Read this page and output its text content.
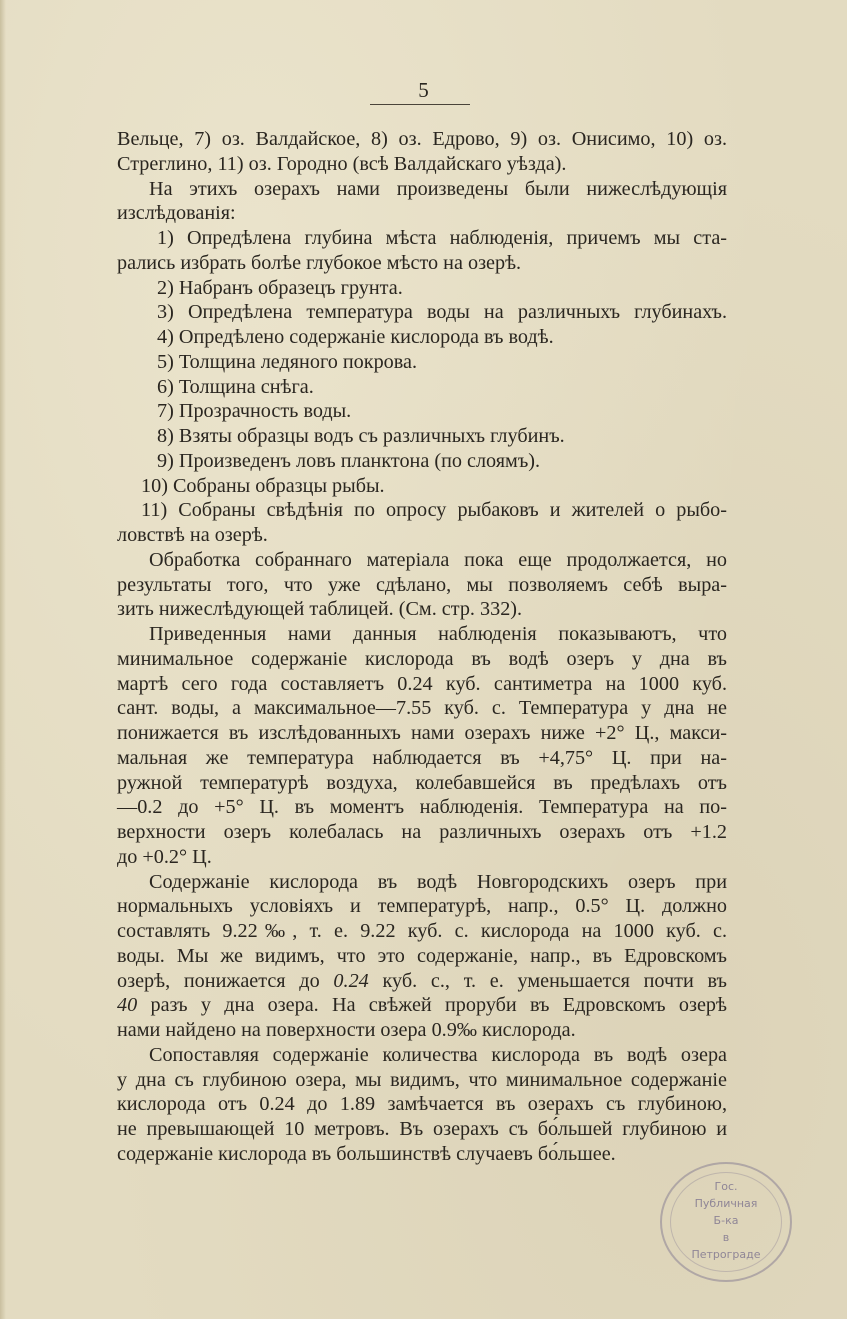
5
Вельце, 7) оз. Валдайское, 8) оз. Едрово, 9) оз. Онисимо, 10) оз.
Стреглино, 11) оз. Городно (всѣ Валдайскаго уѣзда).
На этихъ озерахъ нами произведены были нижеслѣдующія
изслѣдованія:
1) Опредѣлена глубина мѣста наблюденія, причемъ мы ста-
рались избрать болѣе глубокое мѣсто на озерѣ.
2) Набранъ образецъ грунта.
3) Опредѣлена температура воды на различныхъ глубинахъ.
4) Опредѣлено содержаніе кислорода въ водѣ.
5) Толщина ледяного покрова.
6) Толщина снѣга.
7) Прозрачность воды.
8) Взяты образцы водъ съ различныхъ глубинъ.
9) Произведенъ ловъ планктона (по слоямъ).
10) Собраны образцы рыбы.
11) Собраны свѣдѣнія по опросу рыбаковъ и жителей о рыбо-
ловствѣ на озерѣ.
Обработка собраннаго матеріала пока еще продолжается, но
результаты того, что уже сдѣлано, мы позволяемъ себѣ выра-
зить нижеслѣдующей таблицей. (См. стр. 332).
Приведенныя нами данныя наблюденія показываютъ, что
минимальное содержаніе кислорода въ водѣ озеръ у дна въ
мартѣ сего года составляетъ 0.24 куб. сантиметра на 1000 куб.
сант. воды, а максимальное—7.55 куб. с. Температура у дна не
понижается въ изслѣдованныхъ нами озерахъ ниже +2° Ц., макси-
мальная же температура наблюдается въ +4,75° Ц. при на-
ружной температурѣ воздуха, колебавшейся въ предѣлахъ отъ
—0.2 до +5° Ц. въ моментъ наблюденія. Температура на по-
верхности озеръ колебалась на различныхъ озерахъ отъ +1.2
до +0.2° Ц.
Содержаніе кислорода въ водѣ Новгородскихъ озеръ при
нормальныхъ условіяхъ и температурѣ, напр., 0.5° Ц. должно
составлять 9.22‰, т. е. 9.22 куб. с. кислорода на 1000 куб. с.
воды. Мы же видимъ, что это содержаніе, напр., въ Едровскомъ
озерѣ, понижается до 0.24 куб. с., т. е. уменьшается почти въ
40 разъ у дна озера. На свѣжей проруби въ Едровскомъ озерѣ
нами найдено на поверхности озера 0.9‰ кислорода.
Сопоставляя содержаніе количества кислорода въ водѣ озера
у дна съ глубиною озера, мы видимъ, что минимальное содержаніе
кислорода отъ 0.24 до 1.89 замѣчается въ озерахъ съ глубиною,
не превышающей 10 метровъ. Въ озерахъ съ бо́льшей глубиною и
содержаніе кислорода въ большинствѣ случаевъ бо́льшее.
Гос.
Публичная
Б-ка
в
Петрограде
